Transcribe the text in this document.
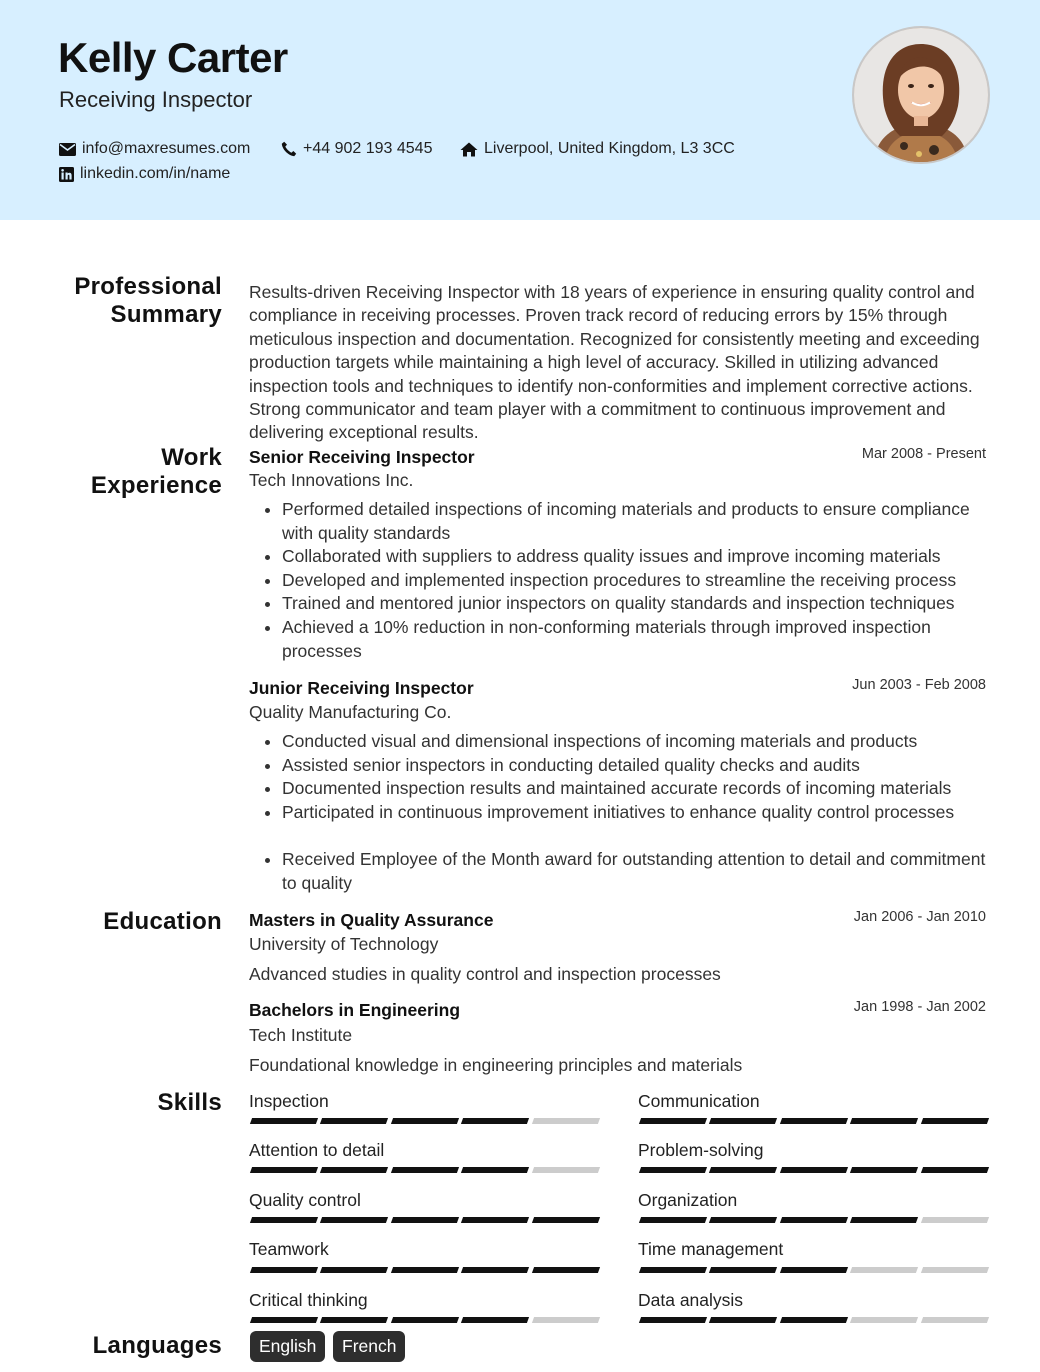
Kelly Carter
Receiving Inspector
info@maxresumes.com	+44 902 193 4545	Liverpool, United Kingdom, L3 3CC
linkedin.com/in/name
Professional
Summary
Results-driven Receiving Inspector with 18 years of experience in ensuring quality control and compliance in receiving processes. Proven track record of reducing errors by 15% through meticulous inspection and documentation. Recognized for consistently meeting and exceeding production targets while maintaining a high level of accuracy. Skilled in utilizing advanced inspection tools and techniques to identify non-conformities and implement corrective actions. Strong communicator and team player with a commitment to continuous improvement and delivering exceptional results.
Work
Experience
Senior Receiving Inspector	Mar 2008 - Present
Tech Innovations Inc.
• Performed detailed inspections of incoming materials and products to ensure compliance with quality standards
• Collaborated with suppliers to address quality issues and improve incoming materials
• Developed and implemented inspection procedures to streamline the receiving process
• Trained and mentored junior inspectors on quality standards and inspection techniques
• Achieved a 10% reduction in non-conforming materials through improved inspection processes
Junior Receiving Inspector	Jun 2003 - Feb 2008
Quality Manufacturing Co.
• Conducted visual and dimensional inspections of incoming materials and products
• Assisted senior inspectors in conducting detailed quality checks and audits
• Documented inspection results and maintained accurate records of incoming materials
• Participated in continuous improvement initiatives to enhance quality control processes
• Received Employee of the Month award for outstanding attention to detail and commitment to quality
Education Masters in Quality Assurance	Jan 2006 - Jan 2010
University of Technology
Advanced studies in quality control and inspection processes
Bachelors in Engineering	Jan 1998 - Jan 2002
Tech Institute
Foundational knowledge in engineering principles and materials
Skills Inspection	Communication
Attention to detail	Problem-solving
Quality control	Organization
Teamwork	Time management
Critical thinking	Data analysis
Languages	English	French
